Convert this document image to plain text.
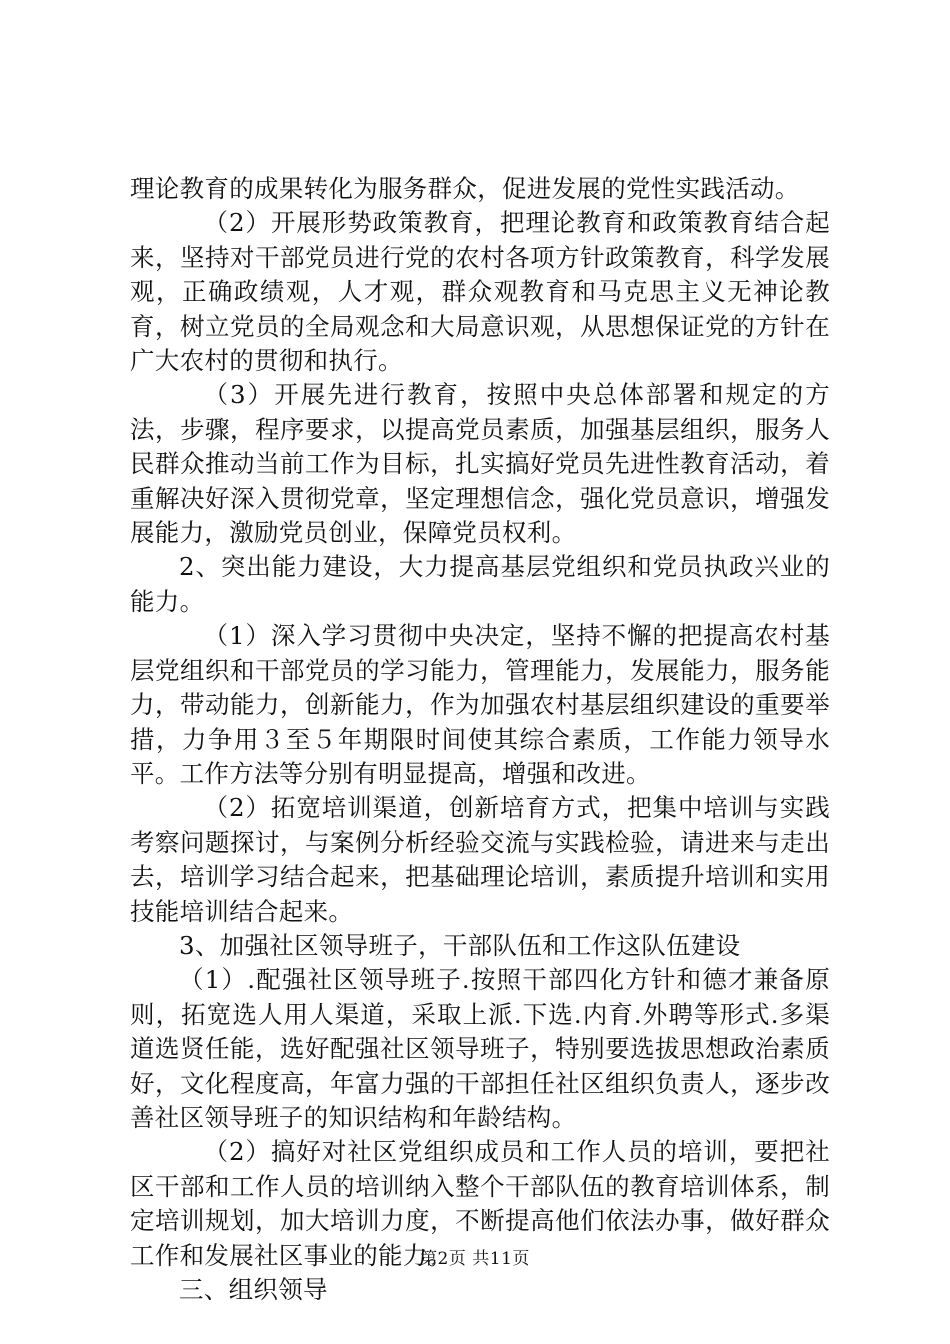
理论教育的成果转化为服务群众，促进发展的党性实践活动。

（2）开展形势政策教育，把理论教育和政策教育结合起来，坚持对干部党员进行党的农村各项方针政策教育，科学发展观，正确政绩观，人才观，群众观教育和马克思主义无神论教育，树立党员的全局观念和大局意识观，从思想保证党的方针在广大农村的贯彻和执行。

（3）开展先进行教育，按照中央总体部署和规定的方法，步骤，程序要求，以提高党员素质，加强基层组织，服务人民群众推动当前工作为目标，扎实搞好党员先进性教育活动，着重解决好深入贯彻党章，坚定理想信念，强化党员意识，增强发展能力，激励党员创业，保障党员权利。

2、突出能力建设，大力提高基层党组织和党员执政兴业的能力。

（1）深入学习贯彻中央决定，坚持不懈的把提高农村基层党组织和干部党员的学习能力，管理能力，发展能力，服务能力，带动能力，创新能力，作为加强农村基层组织建设的重要举措，力争用３至５年期限时间使其综合素质，工作能力领导水平。工作方法等分别有明显提高，增强和改进。

（2）拓宽培训渠道，创新培育方式，把集中培训与实践考察问题探讨，与案例分析经验交流与实践检验，请进来与走出去，培训学习结合起来，把基础理论培训，素质提升培训和实用技能培训结合起来。

3、加强社区领导班子，干部队伍和工作这队伍建设

（1）.配强社区领导班子.按照干部四化方针和德才兼备原则，拓宽选人用人渠道，采取上派.下选.内育.外聘等形式.多渠道选贤任能，选好配强社区领导班子，特别要选拔思想政治素质好，文化程度高，年富力强的干部担任社区组织负责人，逐步改善社区领导班子的知识结构和年龄结构。

（2）搞好对社区党组织成员和工作人员的培训，要把社区干部和工作人员的培训纳入整个干部队伍的教育培训体系，制定培训规划，加大培训力度，不断提高他们依法办事，做好群众工作和发展社区事业的能力。

三、组织领导

第2页 共11页
